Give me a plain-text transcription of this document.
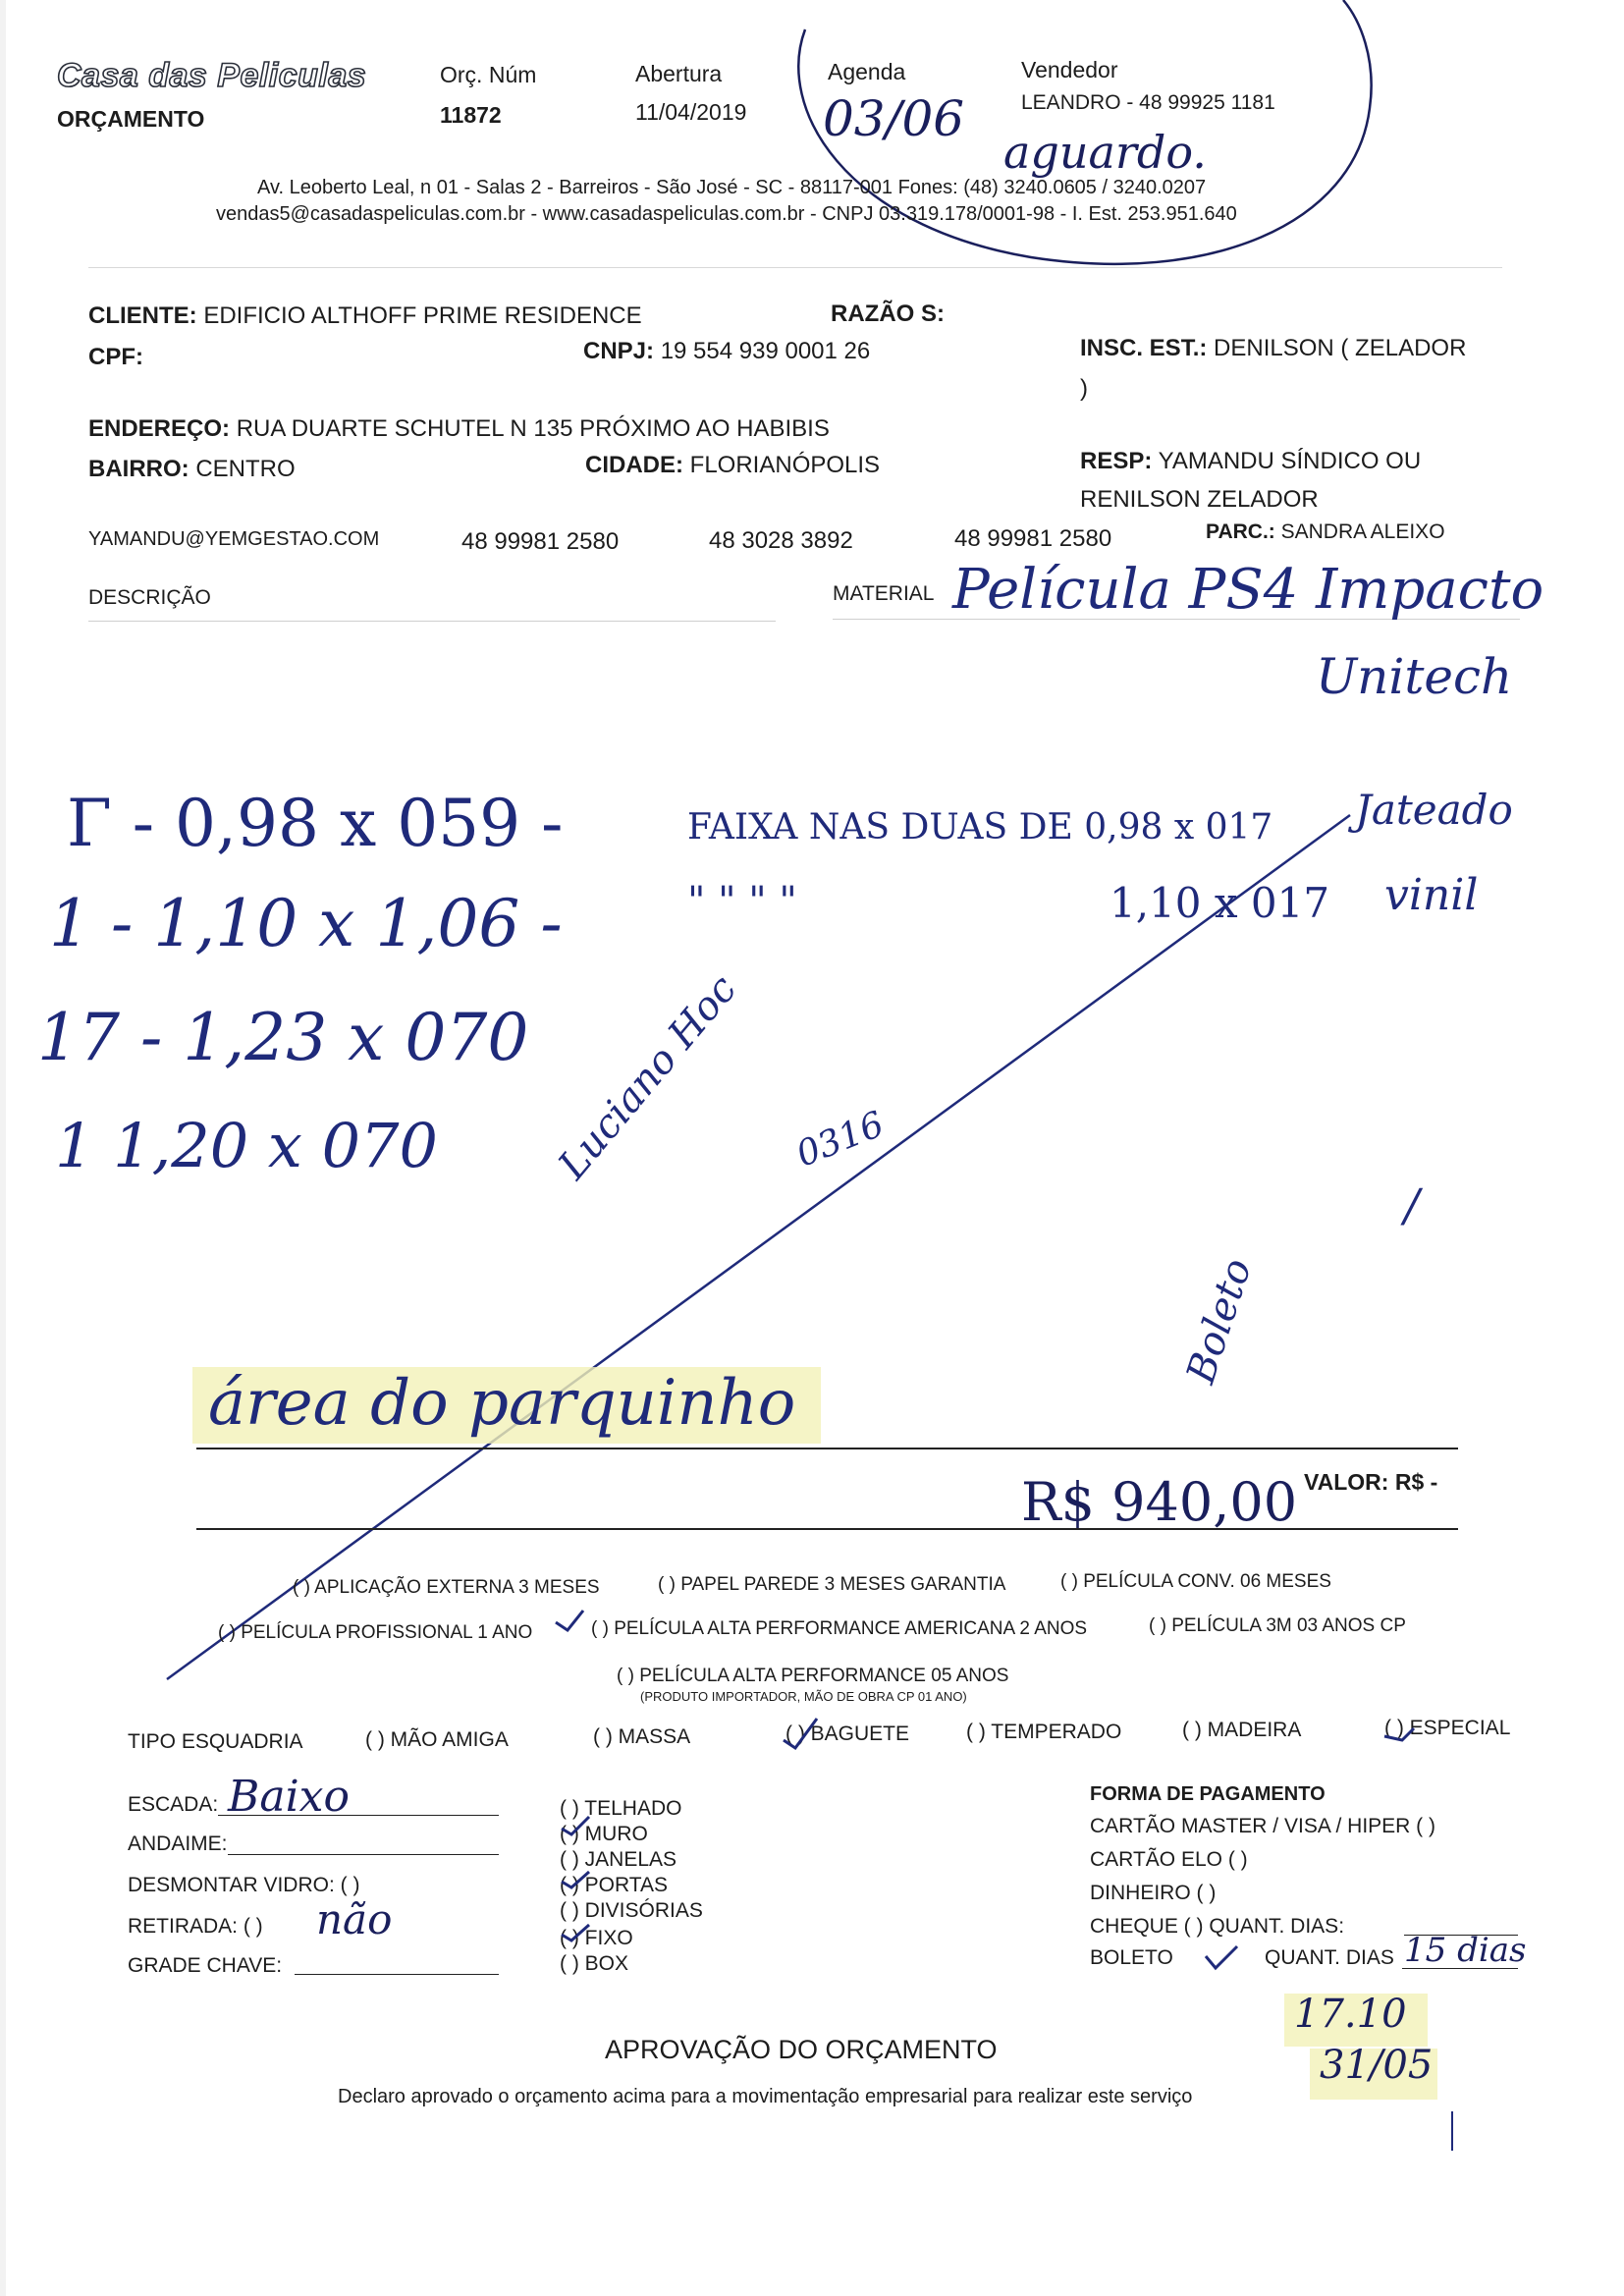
Casa das Peliculas
ORÇAMENTO
Orç. Núm
11872
Abertura
11/04/2019
Agenda
03/06
aguardo.
Vendedor
LEANDRO - 48 99925 1181
Av. Leoberto Leal, n 01 - Salas 2 - Barreiros - São José - SC - 88117-001 Fones: (48) 3240.0605 / 3240.0207
vendas5@casadaspeliculas.com.br - www.casadaspeliculas.com.br - CNPJ 03.319.178/0001-98 - I. Est. 253.951.640
CLIENTE: EDIFICIO ALTHOFF PRIME RESIDENCE	RAZÃO S:
CPF:	CNPJ: 19 554 939 0001 26	INSC. EST.: DENILSON ( ZELADOR
)
ENDEREÇO: RUA DUARTE SCHUTEL N 135 PRÓXIMO AO HABIBIS
BAIRRO: CENTRO	CIDADE: FLORIANÓPOLIS	RESP: YAMANDU SÍNDICO OU
RENILSON ZELADOR
YAMANDU@YEMGESTAO.COM	48 99981 2580	48 3028 3892	48 99981 2580	PARC.: SANDRA ALEIXO
DESCRIÇÃO	MATERIAL Película PS4 Impacto
Unitech
Γ - 0,98 x 059 -	FAIXA NAS DUAS DE 0,98 x 017 Jateado
1 - 1,10 x 1,06 -	" " " "	1,10 x 017 vinil
17 - 1,23 x 070
1 1,20 x 070	Luciano Hoc 0316
/
área do parquinho
Boleto
R$ 940,00 VALOR: R$ -
( ) APLICAÇÃO EXTERNA 3 MESES	( ) PAPEL PAREDE 3 MESES GARANTIA	( ) PELÍCULA CONV. 06 MESES
( ) PELÍCULA PROFISSIONAL 1 ANO	( ) PELÍCULA ALTA PERFORMANCE AMERICANA 2 ANOS	( ) PELÍCULA 3M 03 ANOS CP
( ) PELÍCULA ALTA PERFORMANCE 05 ANOS
(PRODUTO IMPORTADOR, MÃO DE OBRA CP 01 ANO)
TIPO ESQUADRIA	( ) MÃO AMIGA	( ) MASSA	( ) BAGUETE	( ) TEMPERADO	( ) MADEIRA	( ) ESPECIAL
ESCADA: Baixo
ANDAIME:
DESMONTAR VIDRO: ( )
RETIRADA: ( ) não
GRADE CHAVE:
( ) TELHADO
( ) MURO
( ) JANELAS
( ) PORTAS
( ) DIVISÓRIAS
( ) FIXO
( ) BOX
FORMA DE PAGAMENTO
CARTÃO MASTER / VISA / HIPER ( )
CARTÃO ELO ( )
DINHEIRO ( )
CHEQUE ( ) QUANT. DIAS:
BOLETO	QUANT. DIAS 15 dias
17.10
31/05
APROVAÇÃO DO ORÇAMENTO
Declaro aprovado o orçamento acima para a movimentação empresarial para realizar este serviço
